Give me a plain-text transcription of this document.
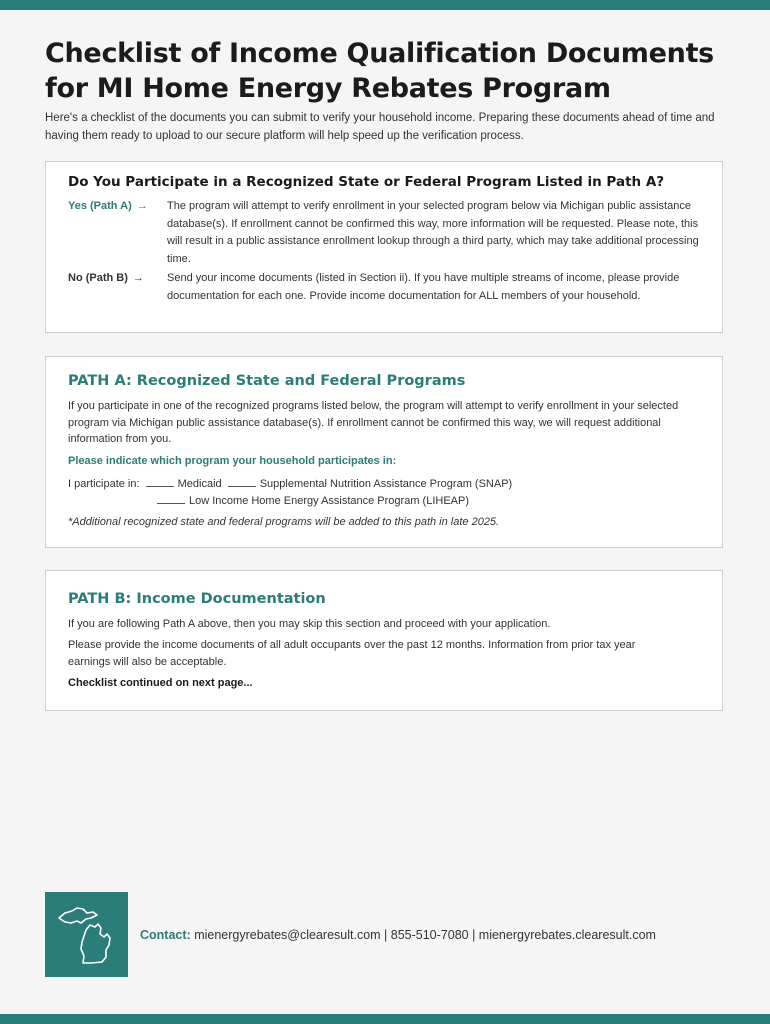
Checklist of Income Qualification Documents for MI Home Energy Rebates Program

Here's a checklist of the documents you can submit to verify your household income. Preparing these documents ahead of time and having them ready to upload to our secure platform will help speed up the verification process.

Do You Participate in a Recognized State or Federal Program Listed in Path A?
Yes (Path A) → The program will attempt to verify enrollment in your selected program below via Michigan public assistance database(s). If enrollment cannot be confirmed this way, more information will be requested. Please note, this will result in a public assistance enrollment lookup through a third party, which may take additional processing time.

No (Path B) → Send your income documents (listed in Section ii). If you have multiple streams of income, please provide documentation for each one. Provide income documentation for ALL members of your household.

PATH A: Recognized State and Federal Programs

If you participate in one of the recognized programs listed below, the program will attempt to verify enrollment in your selected program via Michigan public assistance database(s). If enrollment cannot be confirmed this way, we will request additional information from you.

Please indicate which program your household participates in:

I participate in:	Medicaid	Supplemental Nutrition Assistance Program (SNAP)
Low Income Home Energy Assistance Program (LIHEAP)

*Additional recognized state and federal programs will be added to this path in late 2025.

PATH B: Income Documentation

If you are following Path A above, then you may skip this section and proceed with your application.

Please provide the income documents of all adult occupants over the past 12 months. Information from prior tax year earnings will also be acceptable.

Checklist continued on next page...

Contact: mienergyrebates@clearesult.com | 855-510-7080 | mienergyrebates.clearesult.com
